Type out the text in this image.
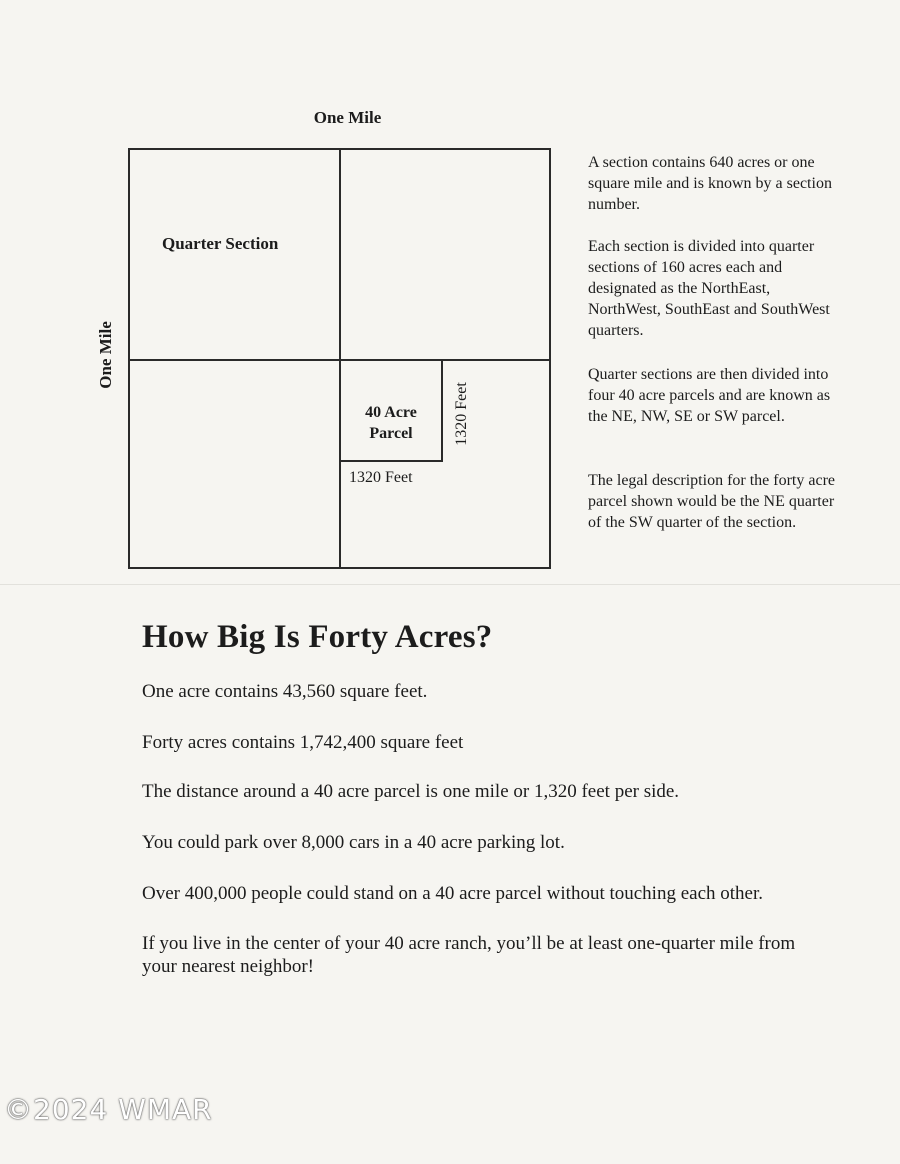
One Mile
One Mile
Quarter Section
40 Acre
Parcel
1320 Feet
1320 Feet
A section contains 640 acres or one square mile and is known by a section number.
Each section is divided into quarter sections of 160 acres each and designated as the NorthEast, NorthWest, SouthEast and SouthWest quarters.
Quarter sections are then divided into four 40 acre parcels and are known as the NE, NW, SE or SW parcel.
The legal description for the forty acre parcel shown would be the NE quarter of the SW quarter of the section.
How Big Is Forty Acres?
One acre contains 43,560 square feet.
Forty acres contains 1,742,400 square feet
The distance around a 40 acre parcel is one mile or 1,320 feet per side.
You could park over 8,000 cars in a 40 acre parking lot.
Over 400,000 people could stand on a 40 acre parcel without touching each other.
If you live in the center of your 40 acre ranch, you’ll be at least one-quarter mile from your nearest neighbor!
©2024 WMAR
